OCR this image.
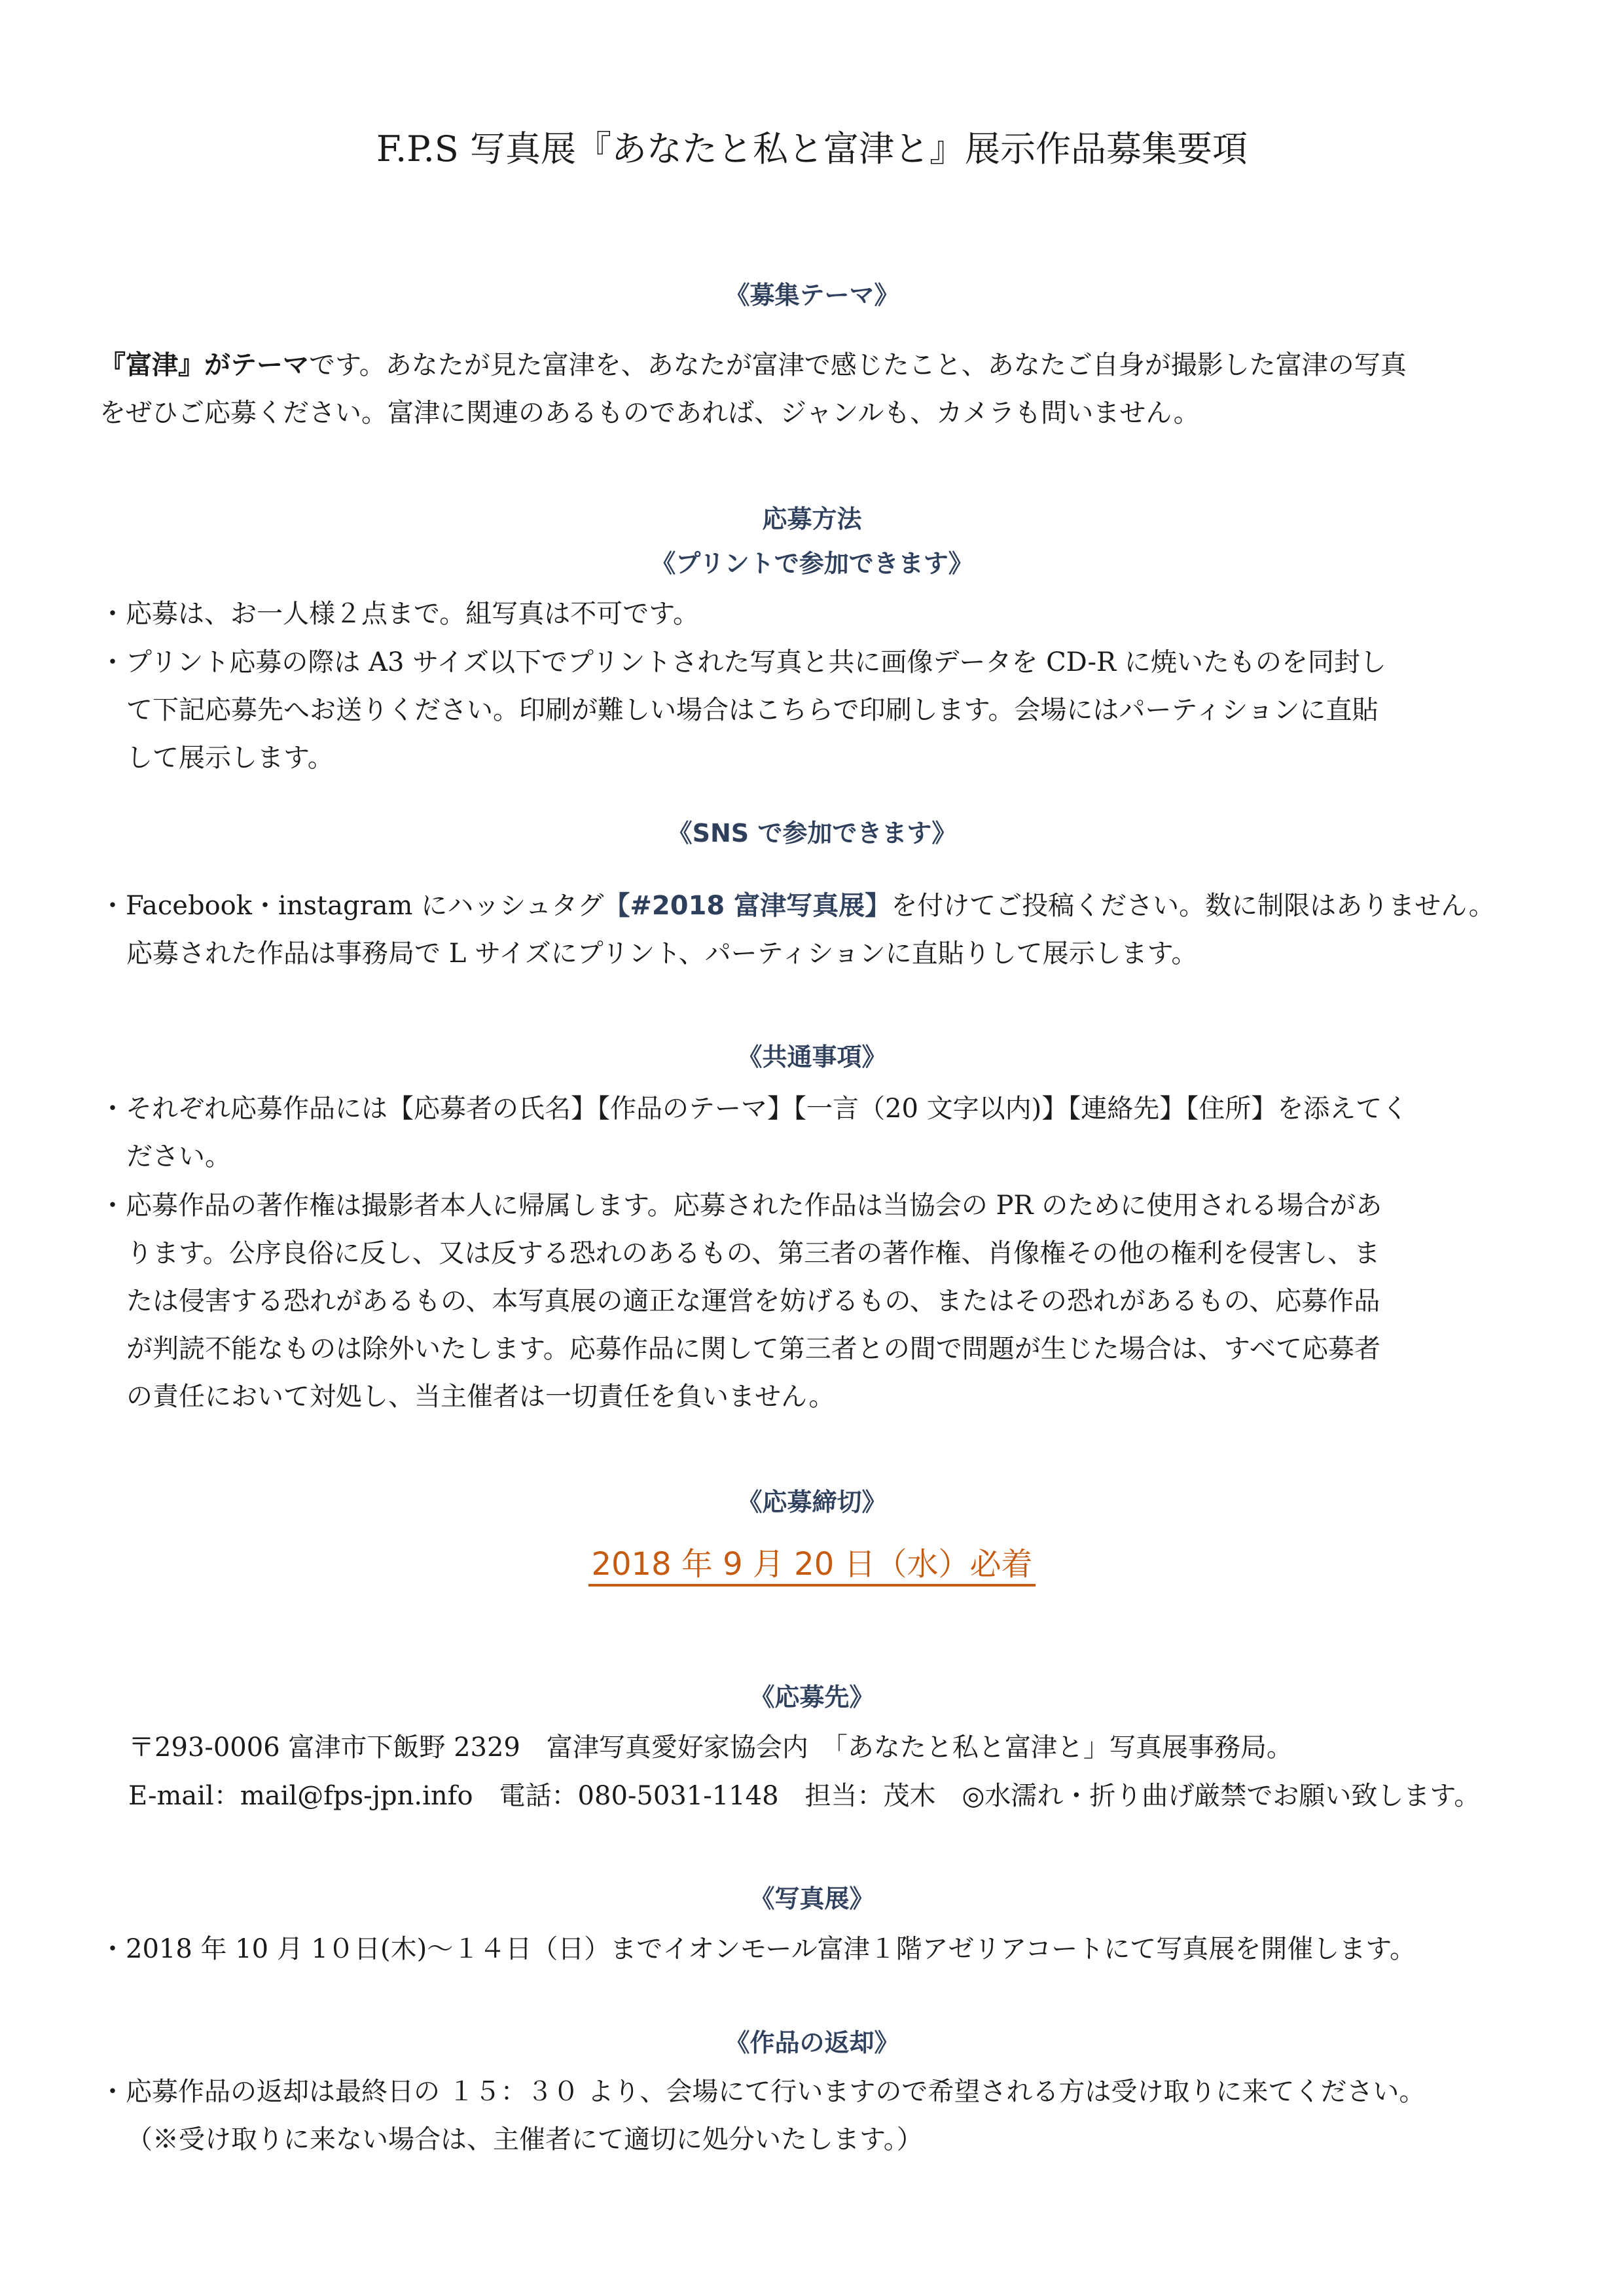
F.P.S 写真展『あなたと私と富津と』展示作品募集要項
《募集テーマ》
『富津』がテーマです。あなたが見た富津を、あなたが富津で感じたこと、あなたご自身が撮影した富津の写真
をぜひご応募ください。富津に関連のあるものであれば、ジャンルも、カメラも問いません。
応募方法
《プリントで参加できます》
・応募は、お一人様２点まで。組写真は不可です。
・プリント応募の際は A3 サイズ以下でプリントされた写真と共に画像データを CD-R に焼いたものを同封し
て下記応募先へお送りください。印刷が難しい場合はこちらで印刷します。会場にはパーティションに直貼
して展示します。
《SNS で参加できます》
・Facebook・instagram にハッシュタグ【#2018 富津写真展】を付けてご投稿ください。数に制限はありません。
応募された作品は事務局で L サイズにプリント、パーティションに直貼りして展示します。
《共通事項》
・それぞれ応募作品には【応募者の氏名】【作品のテーマ】【一言（20 文字以内)】【連絡先】【住所】を添えてく
ださい。
・応募作品の著作権は撮影者本人に帰属します。応募された作品は当協会の PR のために使用される場合があ
ります。公序良俗に反し、又は反する恐れのあるもの、第三者の著作権、肖像権その他の権利を侵害し、ま
たは侵害する恐れがあるもの、本写真展の適正な運営を妨げるもの、またはその恐れがあるもの、応募作品
が判読不能なものは除外いたします。応募作品に関して第三者との間で問題が生じた場合は、すべて応募者
の責任において対処し、当主催者は一切責任を負いません。
《応募締切》
2018 年 9 月 20 日（水）必着
《応募先》
〒293-0006 富津市下飯野 2329　富津写真愛好家協会内　「あなたと私と富津と」写真展事務局。
E-mail：mail@fps-jpn.info　電話：080-5031-1148　担当：茂木　◎水濡れ・折り曲げ厳禁でお願い致します。
《写真展》
・2018 年 10 月 1０日(木)〜１４日（日）までイオンモール富津１階アゼリアコートにて写真展を開催します。
《作品の返却》
・応募作品の返却は最終日の １５：３０ より、会場にて行いますので希望される方は受け取りに来てください。
（※受け取りに来ない場合は、主催者にて適切に処分いたします。）
